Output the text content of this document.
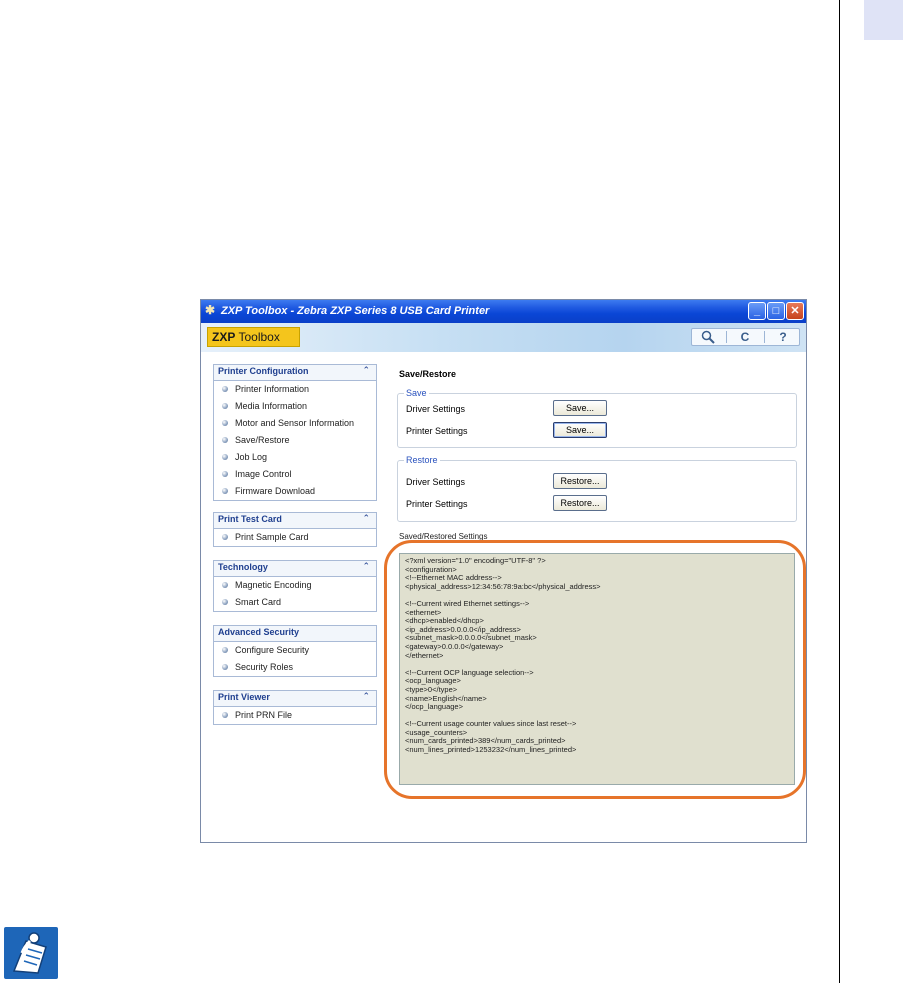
✱ ZXP Toolbox - Zebra ZXP Series 8 USB Card Printer	_	□	✕
ZXP Toolbox	C	?
Printer Configuration	⌃
Printer Information
Media Information
Motor and Sensor Information
Save/Restore
Job Log
Image Control
Firmware Download
Print Test Card	⌃
Print Sample Card
Technology	⌃
Magnetic Encoding
Smart Card
Advanced Security
Configure Security
Security Roles
Print Viewer	⌃
Print PRN File
Save/Restore
Save
Driver Settings	Save...
Printer Settings	Save...
Restore
Driver Settings	Restore...
Printer Settings	Restore...
Saved/Restored Settings
<?xml version="1.0" encoding="UTF-8" ?>
<configuration>
<!--Ethernet MAC address-->
<physical_address>12:34:56:78:9a:bc</physical_address>
<!--Current wired Ethernet settings-->
<ethernet>
<dhcp>enabled</dhcp>
<ip_address>0.0.0.0</ip_address>
<subnet_mask>0.0.0.0</subnet_mask>
<gateway>0.0.0.0</gateway>
</ethernet>
<!--Current OCP language selection-->
<ocp_language>
<type>0</type>
<name>English</name>
</ocp_language>
<!--Current usage counter values since last reset-->
<usage_counters>
<num_cards_printed>389</num_cards_printed>
<num_lines_printed>1253232</num_lines_printed>
